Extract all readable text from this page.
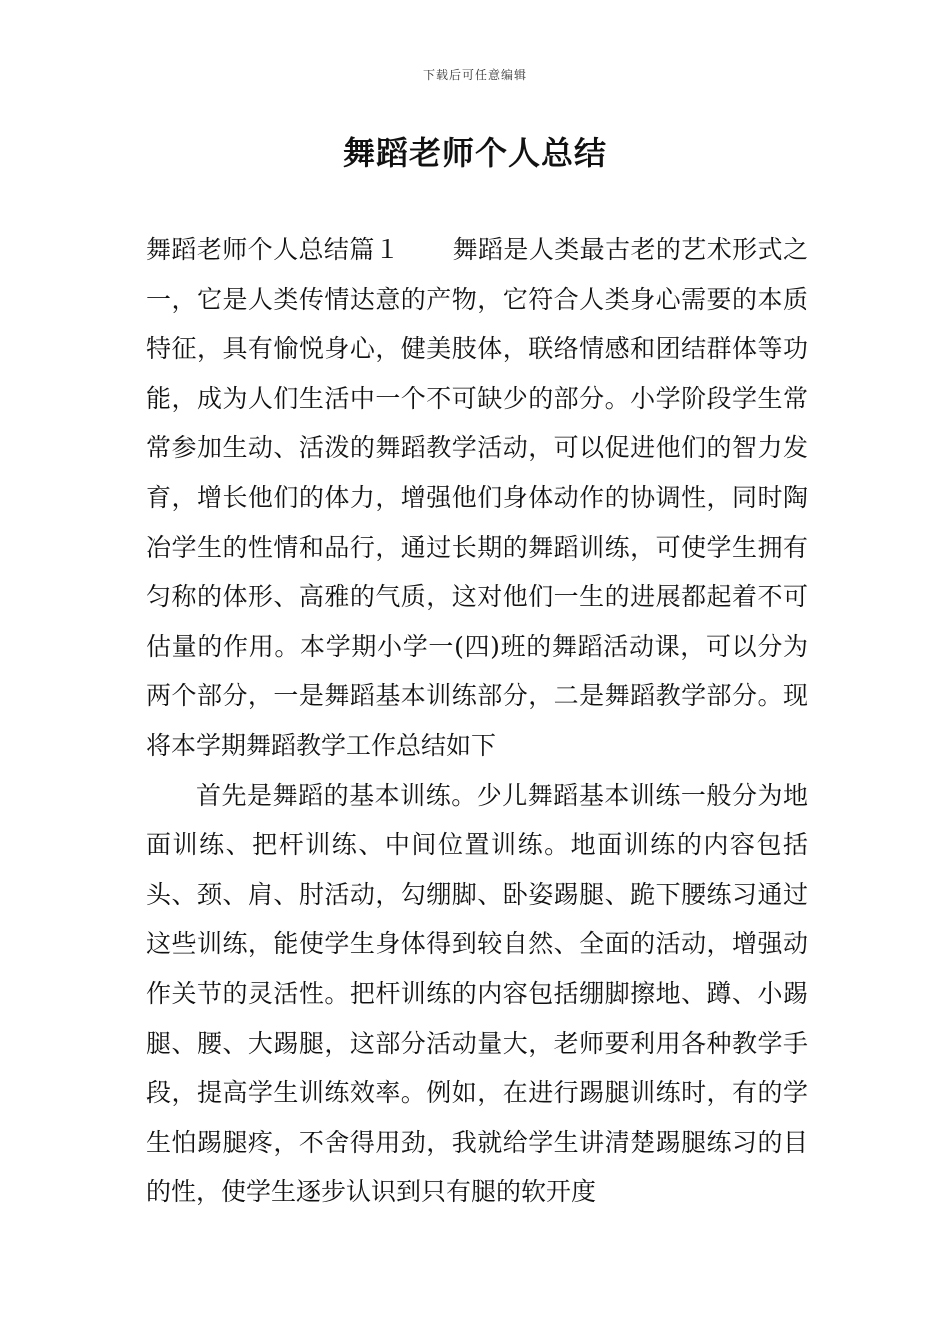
下载后可任意编辑
舞蹈老师个人总结

舞蹈老师个人总结篇１ 舞蹈是人类最古老的艺术形式之一，它是人类传情达意的产物，它符合人类身心需要的本质特征，具有愉悦身心，健美肢体，联络情感和团结群体等功能，成为人们生活中一个不可缺少的部分。小学阶段学生常常参加生动、活泼的舞蹈教学活动，可以促进他们的智力发育，增长他们的体力，增强他们身体动作的协调性，同时陶冶学生的性情和品行，通过长期的舞蹈训练，可使学生拥有匀称的体形、高雅的气质，这对他们一生的进展都起着不可估量的作用。本学期小学一(四)班的舞蹈活动课，可以分为两个部分，一是舞蹈基本训练部分，二是舞蹈教学部分。现将本学期舞蹈教学工作总结如下

首先是舞蹈的基本训练。少儿舞蹈基本训练一般分为地面训练、把杆训练、中间位置训练。地面训练的内容包括头、颈、肩、肘活动，勾绷脚、卧姿踢腿、跪下腰练习通过这些训练，能使学生身体得到较自然、全面的活动，增强动作关节的灵活性。把杆训练的内容包括绷脚擦地、蹲、小踢腿、腰、大踢腿，这部分活动量大，老师要利用各种教学手段，提高学生训练效率。例如，在进行踢腿训练时，有的学生怕踢腿疼，不舍得用劲，我就给学生讲清楚踢腿练习的目的性，使学生逐步认识到只有腿的软开度
